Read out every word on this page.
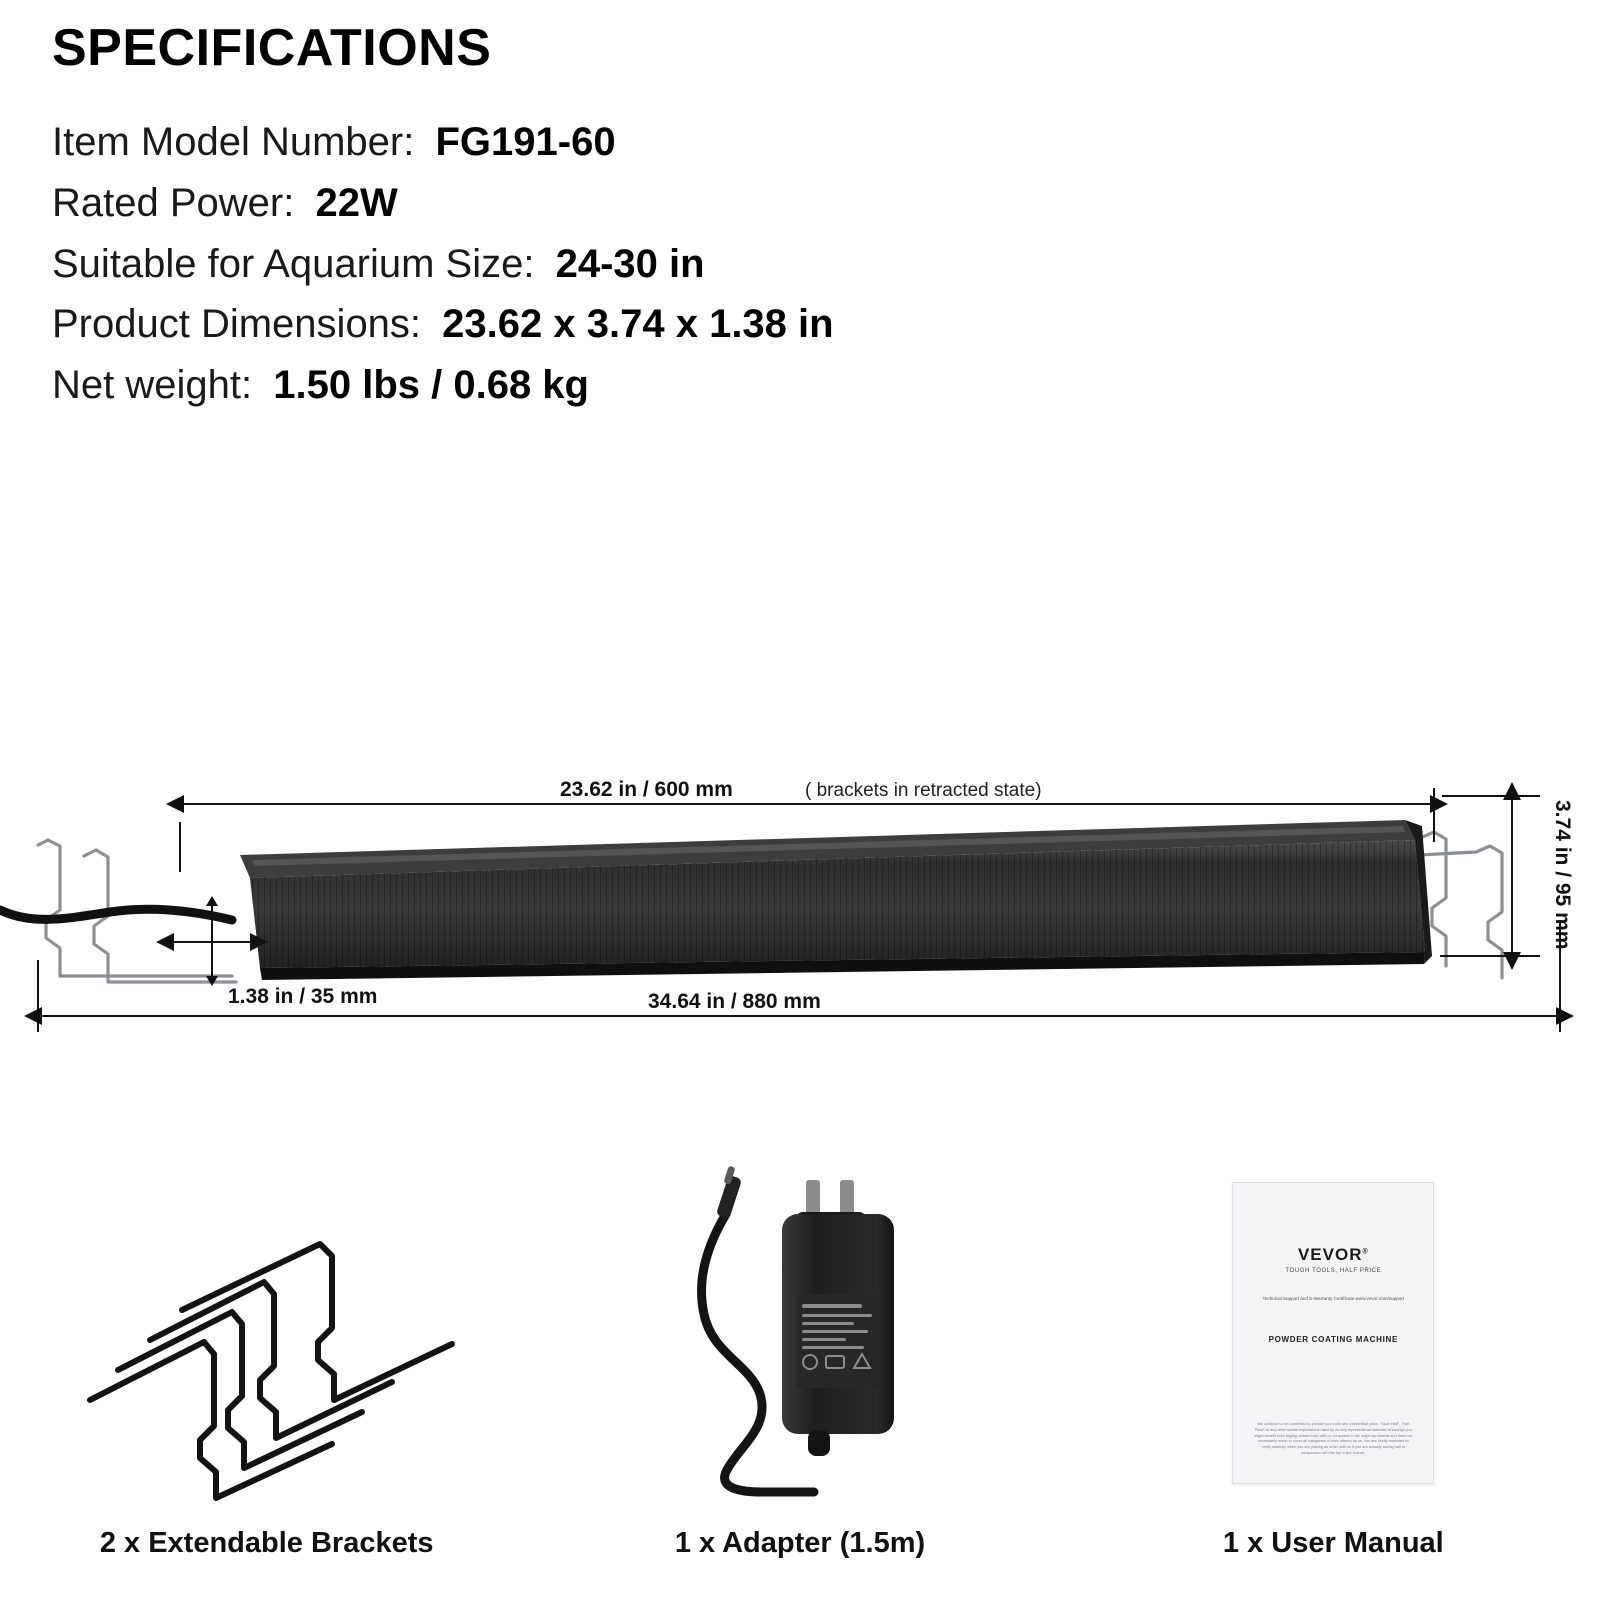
SPECIFICATIONS
Item Model Number: FG191-60
Rated Power: 22W
Suitable for Aquarium Size: 24-30 in
Product Dimensions: 23.62 x 3.74 x 1.38 in
Net weight: 1.50 lbs / 0.68 kg
23.62 in / 600 mm	( brackets in retracted state)
1.38 in / 35 mm	34.64 in / 880 mm
3.74 in / 95 mm
2 x Extendable Brackets	1 x Adapter (1.5m)
VEVOR®
TOUGH TOOLS, HALF PRICE
Technical Support and E-Warranty Certificate www.vevor.com/support
POWDER COATING MACHINE
We continue to be committed to provide you tools with competitive price. "Save Half", "Half Price" or any other similar expressions used by us only represents an estimate of savings you might benefit from buying certain tools with us compared to the major top brands and does not necessarily mean to cover all categories of tools offered by us. You are kindly reminded to verify carefully when you are placing an order with us if you are actually saving half in comparison with the top major brands.
1 x User Manual
